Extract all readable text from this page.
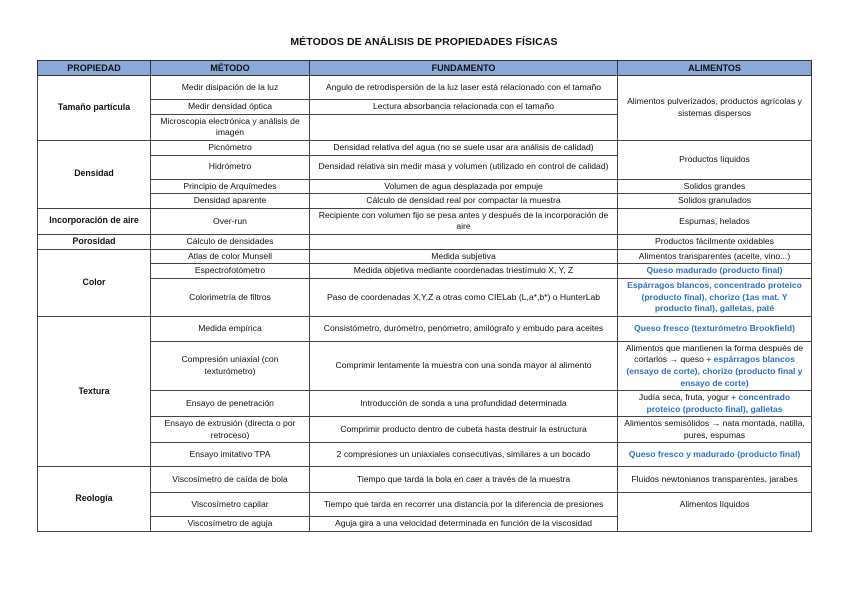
MÉTODOS DE ANÁLISIS DE PROPIEDADES FÍSICAS
PROPIEDAD	MÉTODO	FUNDAMENTO	ALIMENTOS
Tamaño partícula	Medir disipación de la luz	Angulo de retrodispersión de la luz laser está relacionado con el tamaño	Alimentos pulverizados, productos agrícolas y sistemas dispersos
	Medir densidad óptica	Lectura absorbancia relacionada con el tamaño	
	Microscopia electrónica y análisis de imagen		
Densidad	Picnómetro	Densidad relativa del agua (no se suele usar ara análisis de calidad)	Productos líquidos
	Hidrómetro	Densidad relativa sin medir masa y volumen (utilizado en control de calidad)	
	Principio de Arquímedes	Volumen de agua desplazada por empuje	Solidos grandes
	Densidad aparente	Cálculo de densidad real por compactar la muestra	Solidos granulados
Incorporación de aire	Over-run	Recipiente con volumen fijo se pesa antes y después de la incorporación de aire	Espumas, helados
Porosidad	Cálculo de densidades		Productos fácilmente oxidables
Color	Atlas de color Munsell	Medida subjetiva	Alimentos transparentes (aceite, vino...)
	Espectrofotómetro	Medida objetiva mediante coordenadas triestímulo X, Y, Z	Queso madurado (producto final)
	Colorimetría de filtros	Paso de coordenadas X,Y,Z a otras como CIELab (L,a*,b*) o HunterLab	Espárragos blancos, concentrado proteico (producto final), chorizo (1as mat. Y producto final), galletas, paté
Textura	Medida empírica	Consistómetro, durómetro, penómetro, amilógrafo y embudo para aceites	Queso fresco (texturómetro Brookfield)
	Compresión uniaxial (con texturómetro)	Comprimir lentamente la muestra con una sonda mayor al alimento	Alimentos que mantienen la forma después de cortarlos → queso + espárragos blancos (ensayo de corte), chorizo (producto final y ensayo de corte)
	Ensayo de penetración	Introducción de sonda a una profundidad determinada	Judía seca, fruta, yogur + concentrado proteico (producto final), galletas
	Ensayo de extrusión (directa o por retroceso)	Comprimir producto dentro de cubeta hasta destruir la estructura	Alimentos semisólidos → nata montada, natilla, pures, espumas
	Ensayo imitativo TPA	2 compresiones un uniaxiales consecutivas, similares a un bocado	Queso fresco y madurado (producto final)
Reología	Viscosímetro de caída de bola	Tiempo que tarda la bola en caer a través de la muestra	Fluidos newtonianos transparentes, jarabes
	Viscosímetro capilar	Tiempo que tarda en recorrer una distancia por la diferencia de presiones	Alimentos líquidos
	Viscosímetro de aguja	Aguja gira a una velocidad determinada en función de la viscosidad	
